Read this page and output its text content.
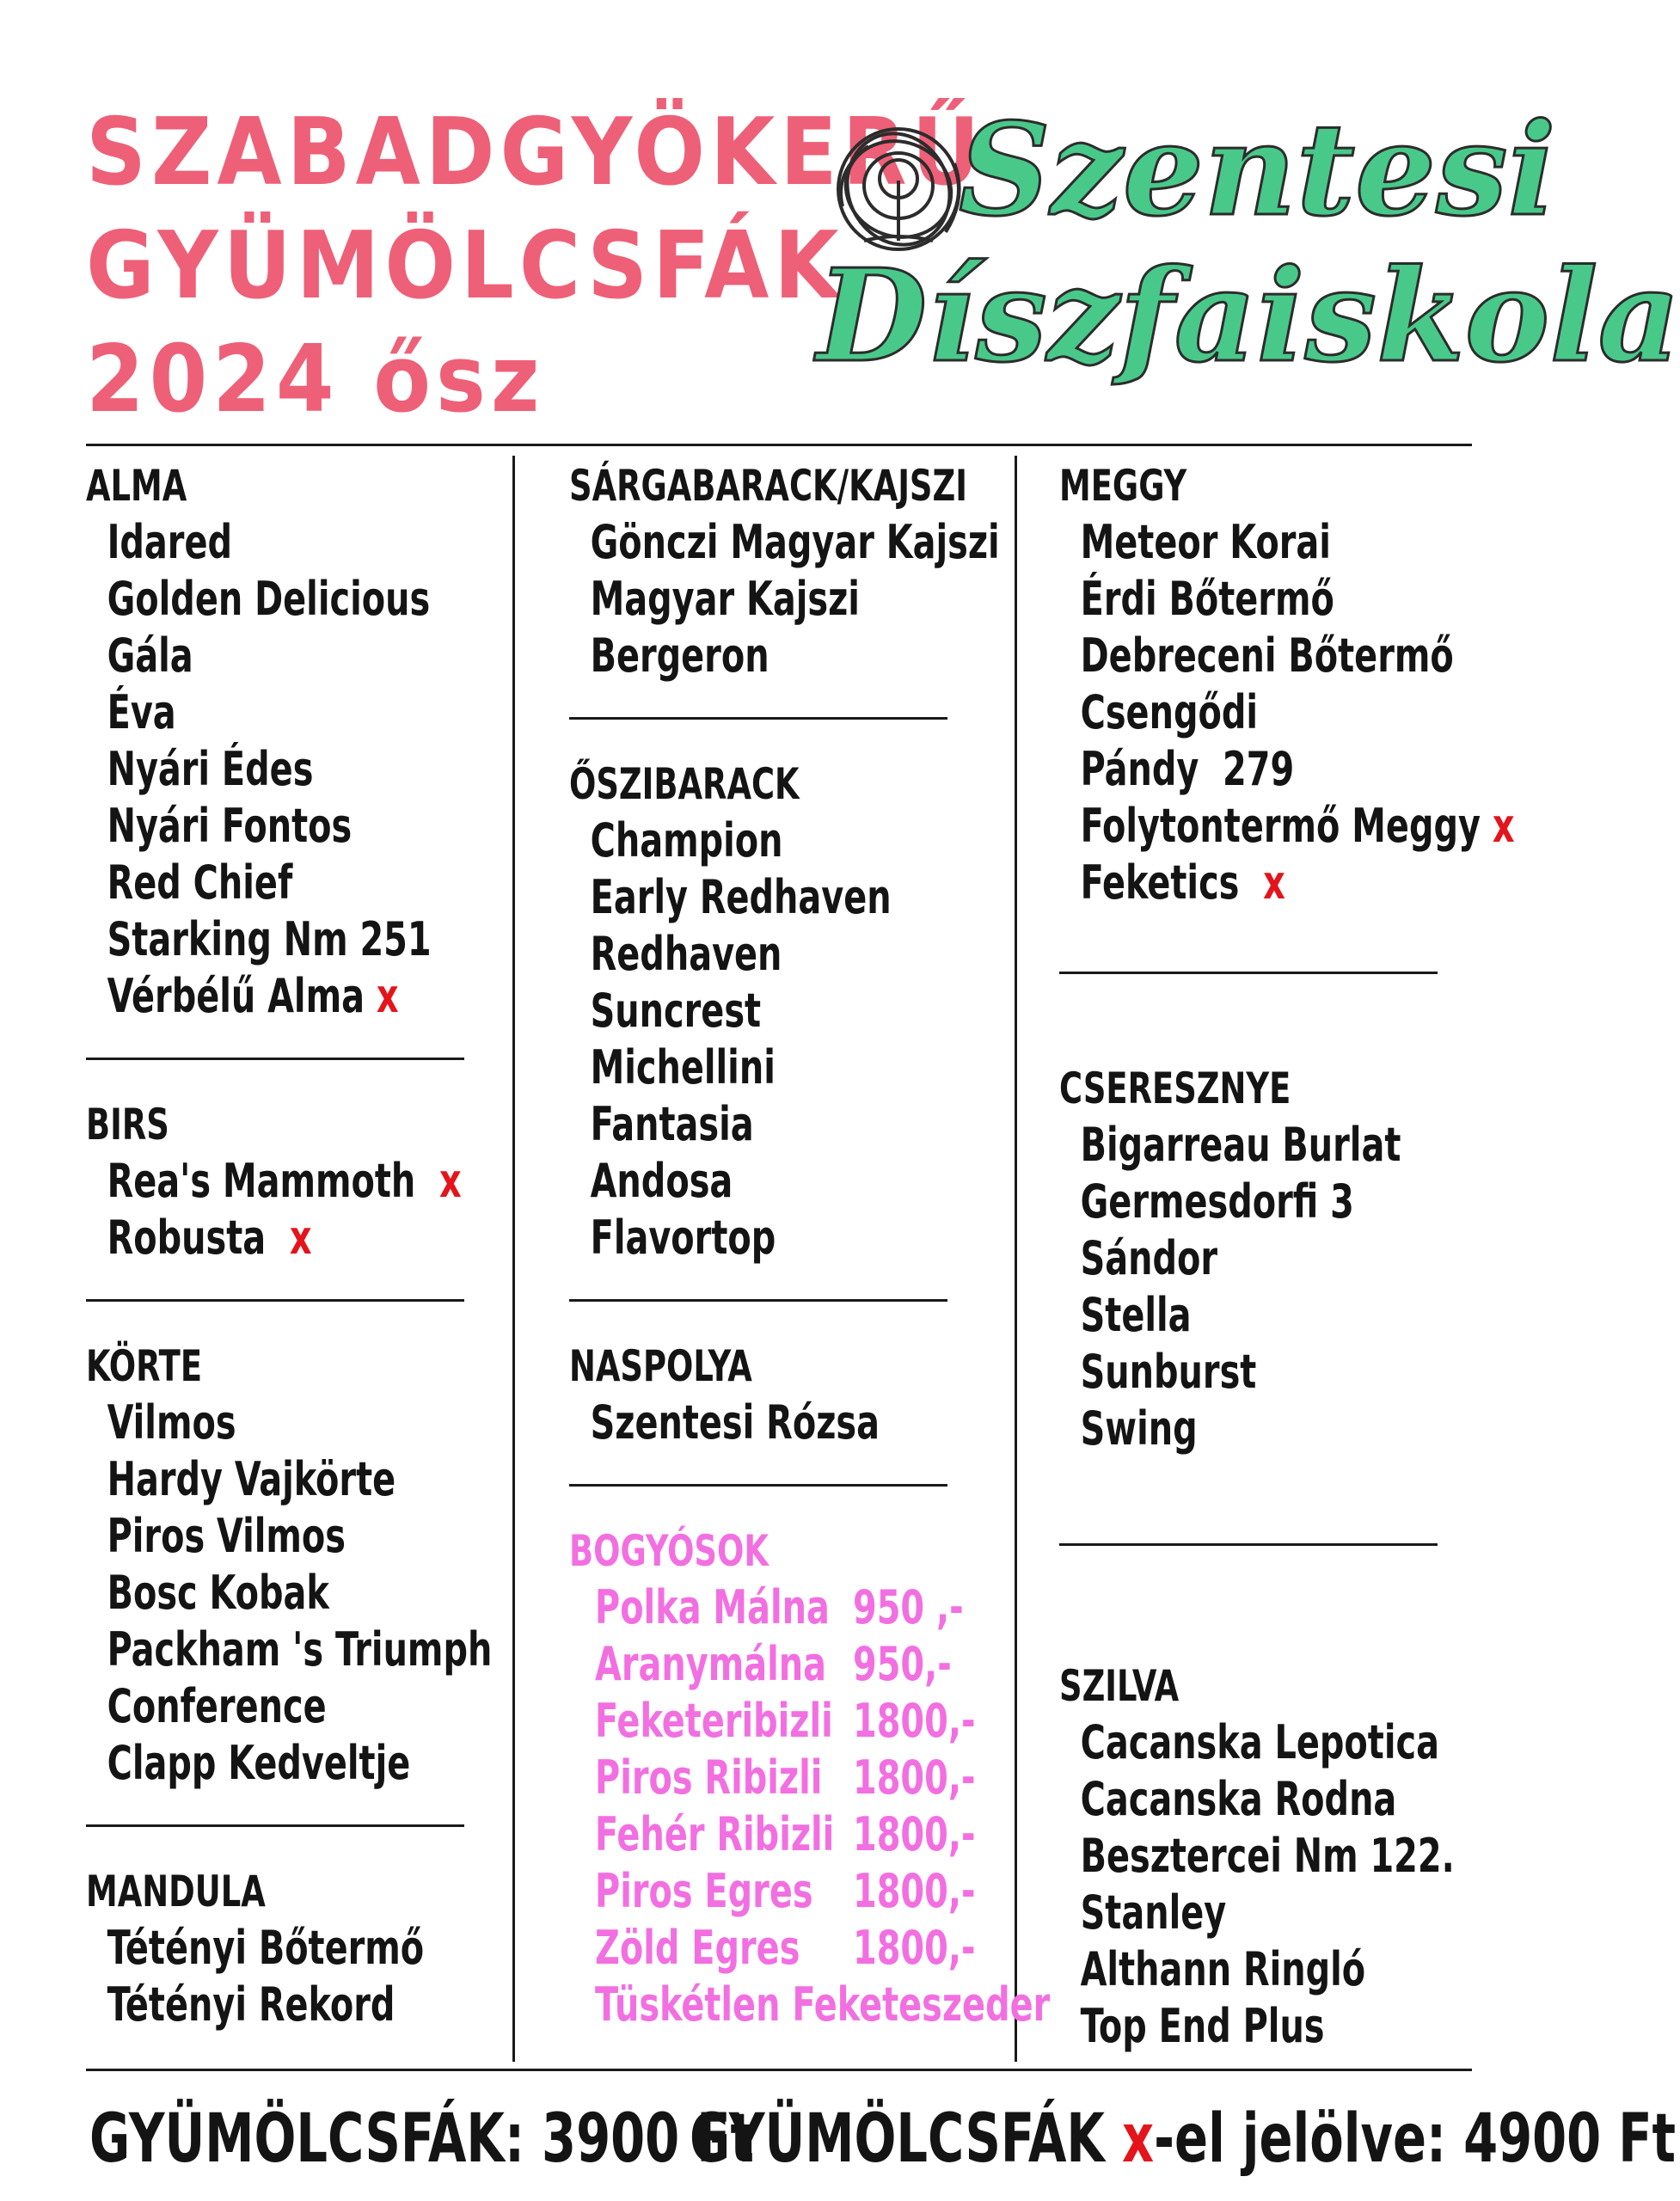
SZABADGYÖKERŰ
GYÜMÖLCSFÁK
2024 ősz
Szentesi
Díszfaiskola
ALMA
Idared
Golden Delicious
Gála
Éva
Nyári Édes
Nyári Fontos
Red Chief
Starking Nm 251
Vérbélű Alma x
BIRS
Rea's Mammoth x
Robusta x
KÖRTE
Vilmos
Hardy Vajkörte
Piros Vilmos
Bosc Kobak
Packham 's Triumph
Conference
Clapp Kedveltje
MANDULA
Tétényi Bőtermő
Tétényi Rekord
SÁRGABARACK/KAJSZI
Gönczi Magyar Kajszi
Magyar Kajszi
Bergeron
ŐSZIBARACK
Champion
Early Redhaven
Redhaven
Suncrest
Michellini
Fantasia
Andosa
Flavortop
NASPOLYA
Szentesi Rózsa
BOGYÓSOK
Polka Málna 950 ,-
Aranymálna 950,-
Feketeribizli 1800,-
Piros Ribizli 1800,-
Fehér Ribizli 1800,-
Piros Egres 1800,-
Zöld Egres 1800,-
Tüskétlen Feketeszeder
MEGGY
Meteor Korai
Érdi Bőtermő
Debreceni Bőtermő
Csengődi
Pándy  279
Folytontermő Meggy x
Feketics x
CSERESZNYE
Bigarreau Burlat
Germesdorfi 3
Sándor
Stella
Sunburst
Swing
SZILVA
Cacanska Lepotica
Cacanska Rodna
Besztercei Nm 122.
Stanley
Althann Ringló
Top End Plus
GYÜMÖLCSFÁK: 3900 Ft
GYÜMÖLCSFÁK x-el jelölve: 4900 Ft
